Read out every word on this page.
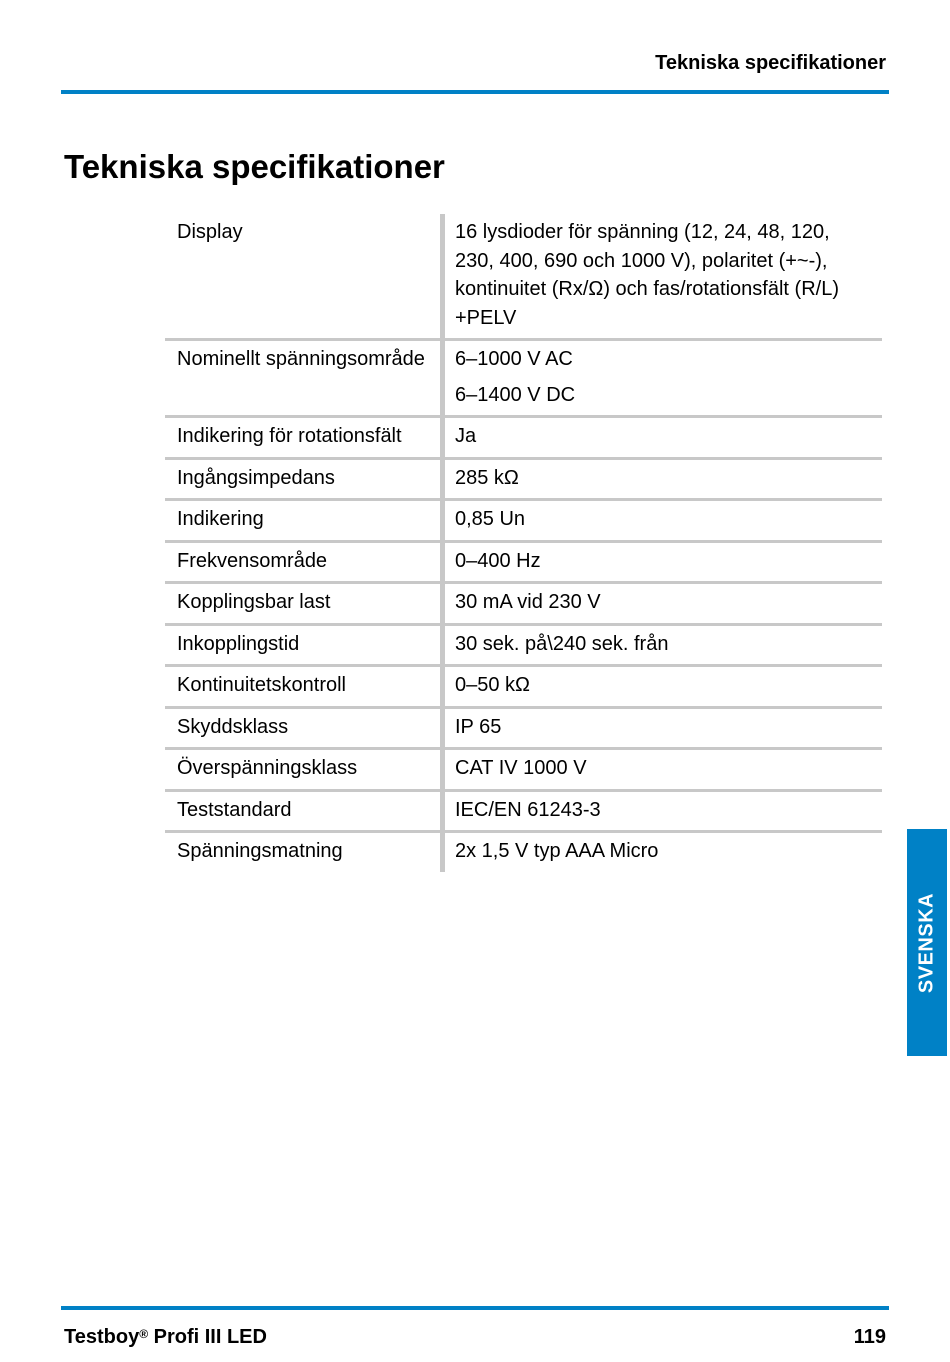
Tekniska specifikationer
Tekniska specifikationer
Display	16 lysdioder för spänning (12, 24, 48, 120, 230, 400, 690 och 1000 V), polaritet (+~-), kontinuitet (Rx/Ω) och fas/rotationsfält (R/L) +PELV
Nominellt spänningsområde	6–1000 V AC
6–1400 V DC
Indikering för rotationsfält	Ja
Ingångsimpedans	285 kΩ
Indikering	0,85 Un
Frekvensområde	0–400 Hz
Kopplingsbar last	30 mA vid 230 V
Inkopplingstid	30 sek. på\240 sek. från
Kontinuitetskontroll	0–50 kΩ
Skyddsklass	IP 65
Överspänningsklass	CAT IV 1000 V
Teststandard	IEC/EN 61243-3
Spänningsmatning	2x 1,5 V typ AAA Micro
SVENSKA
Testboy® Profi III LED	119
